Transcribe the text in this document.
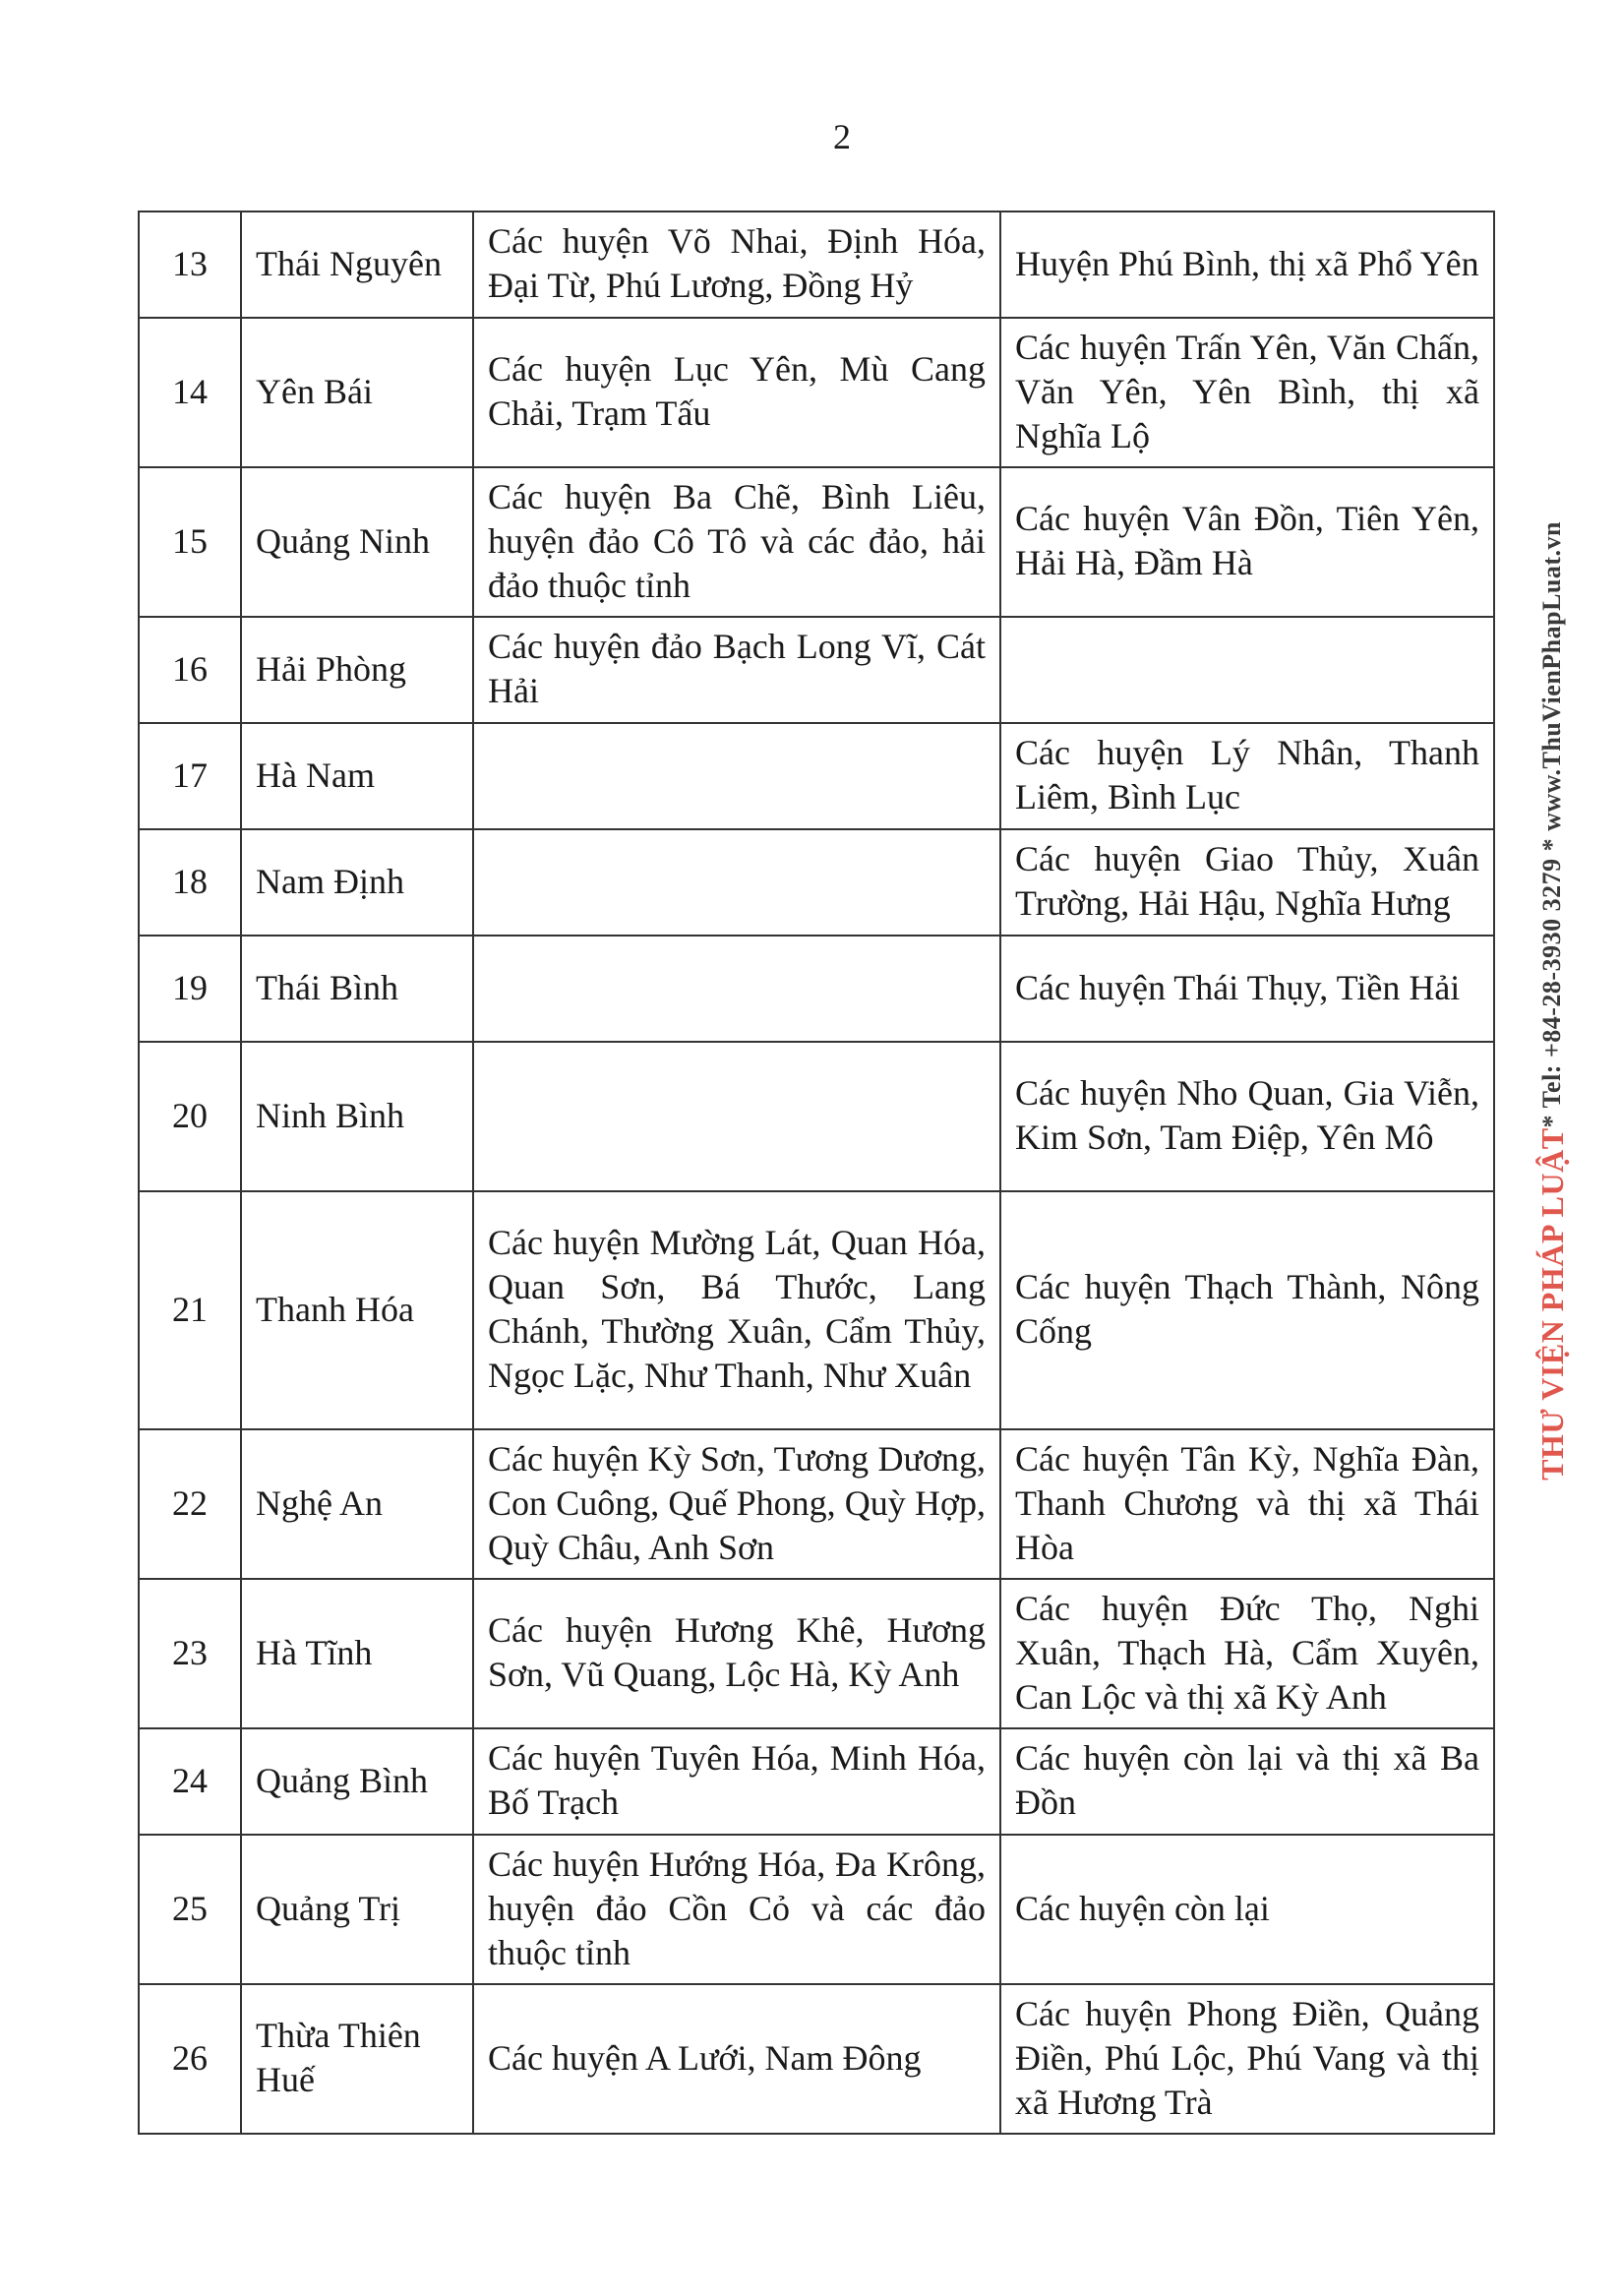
2
13	Thái Nguyên	Các huyện Võ Nhai, Định Hóa, Đại Từ, Phú Lương, Đồng Hỷ	Huyện Phú Bình, thị xã Phổ Yên
14	Yên Bái	Các huyện Lục Yên, Mù Cang Chải, Trạm Tấu	Các huyện Trấn Yên, Văn Chấn, Văn Yên, Yên Bình, thị xã Nghĩa Lộ
15	Quảng Ninh	Các huyện Ba Chẽ, Bình Liêu, huyện đảo Cô Tô và các đảo, hải đảo thuộc tỉnh	Các huyện Vân Đồn, Tiên Yên, Hải Hà, Đầm Hà
16	Hải Phòng	Các huyện đảo Bạch Long Vĩ, Cát Hải	
17	Hà Nam		Các huyện Lý Nhân, Thanh Liêm, Bình Lục
18	Nam Định		Các huyện Giao Thủy, Xuân Trường, Hải Hậu, Nghĩa Hưng
19	Thái Bình		Các huyện Thái Thụy, Tiền Hải
20	Ninh Bình		Các huyện Nho Quan, Gia Viễn, Kim Sơn, Tam Điệp, Yên Mô
21	Thanh Hóa	Các huyện Mường Lát, Quan Hóa, Quan Sơn, Bá Thước, Lang Chánh, Thường Xuân, Cẩm Thủy, Ngọc Lặc, Như Thanh, Như Xuân	Các huyện Thạch Thành, Nông Cống
22	Nghệ An	Các huyện Kỳ Sơn, Tương Dương, Con Cuông, Quế Phong, Quỳ Hợp, Quỳ Châu, Anh Sơn	Các huyện Tân Kỳ, Nghĩa Đàn, Thanh Chương và thị xã Thái Hòa
23	Hà Tĩnh	Các huyện Hương Khê, Hương Sơn, Vũ Quang, Lộc Hà, Kỳ Anh	Các huyện Đức Thọ, Nghi Xuân, Thạch Hà, Cẩm Xuyên, Can Lộc và thị xã Kỳ Anh
24	Quảng Bình	Các huyện Tuyên Hóa, Minh Hóa, Bố Trạch	Các huyện còn lại và thị xã Ba Đồn
25	Quảng Trị	Các huyện Hướng Hóa, Đa Krông, huyện đảo Cồn Cỏ và các đảo thuộc tỉnh	Các huyện còn lại
26	Thừa Thiên Huế	Các huyện A Lưới, Nam Đông	Các huyện Phong Điền, Quảng Điền, Phú Lộc, Phú Vang và thị xã Hương Trà
THƯ VIỆN PHÁP LUẬT* Tel: +84-28-3930 3279 * www.ThuVienPhapLuat.vn
